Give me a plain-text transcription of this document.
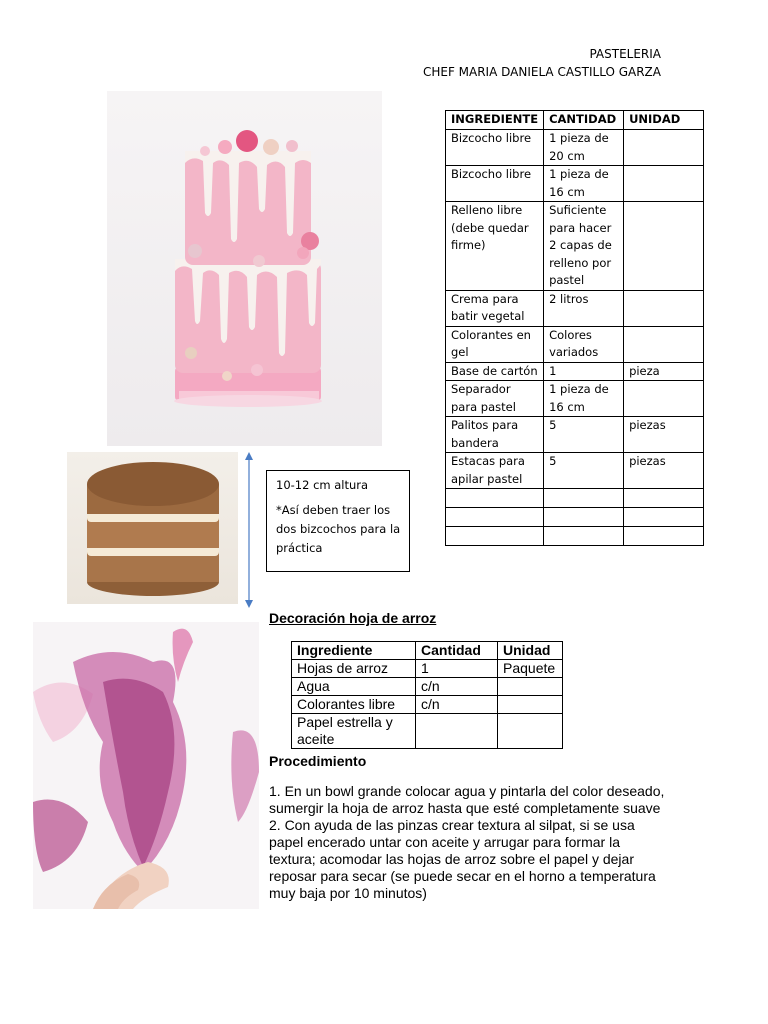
PASTELERIA
CHEF MARIA DANIELA CASTILLO GARZA

10-12 cm altura

*Así deben traer los dos bizcochos para la práctica

INGREDIENTE	CANTIDAD	UNIDAD
Bizcocho libre	1 pieza de 20 cm	
Bizcocho libre	1 pieza de 16 cm	
Relleno libre (debe quedar firme)	Suficiente para hacer 2 capas de relleno por pastel	
Crema para batir vegetal	2 litros	
Colorantes en gel	Colores variados	
Base de cartón	1	pieza
Separador para pastel	1 pieza de 16 cm	
Palitos para bandera	5	piezas
Estacas para apilar pastel	5	piezas

Decoración hoja de arroz
Ingrediente	Cantidad	Unidad
Hojas de arroz	1	Paquete
Agua	c/n	
Colorantes libre	c/n	
Papel estrella y aceite		
Procedimiento

1. En un bowl grande colocar agua y pintarla del color deseado, sumergir la hoja de arroz hasta que esté completamente suave

2. Con ayuda de las pinzas crear textura al silpat, si se usa papel encerado untar con aceite y arrugar para formar la textura; acomodar las hojas de arroz sobre el papel y dejar reposar para secar (se puede secar en el horno a temperatura muy baja por 10 minutos)
